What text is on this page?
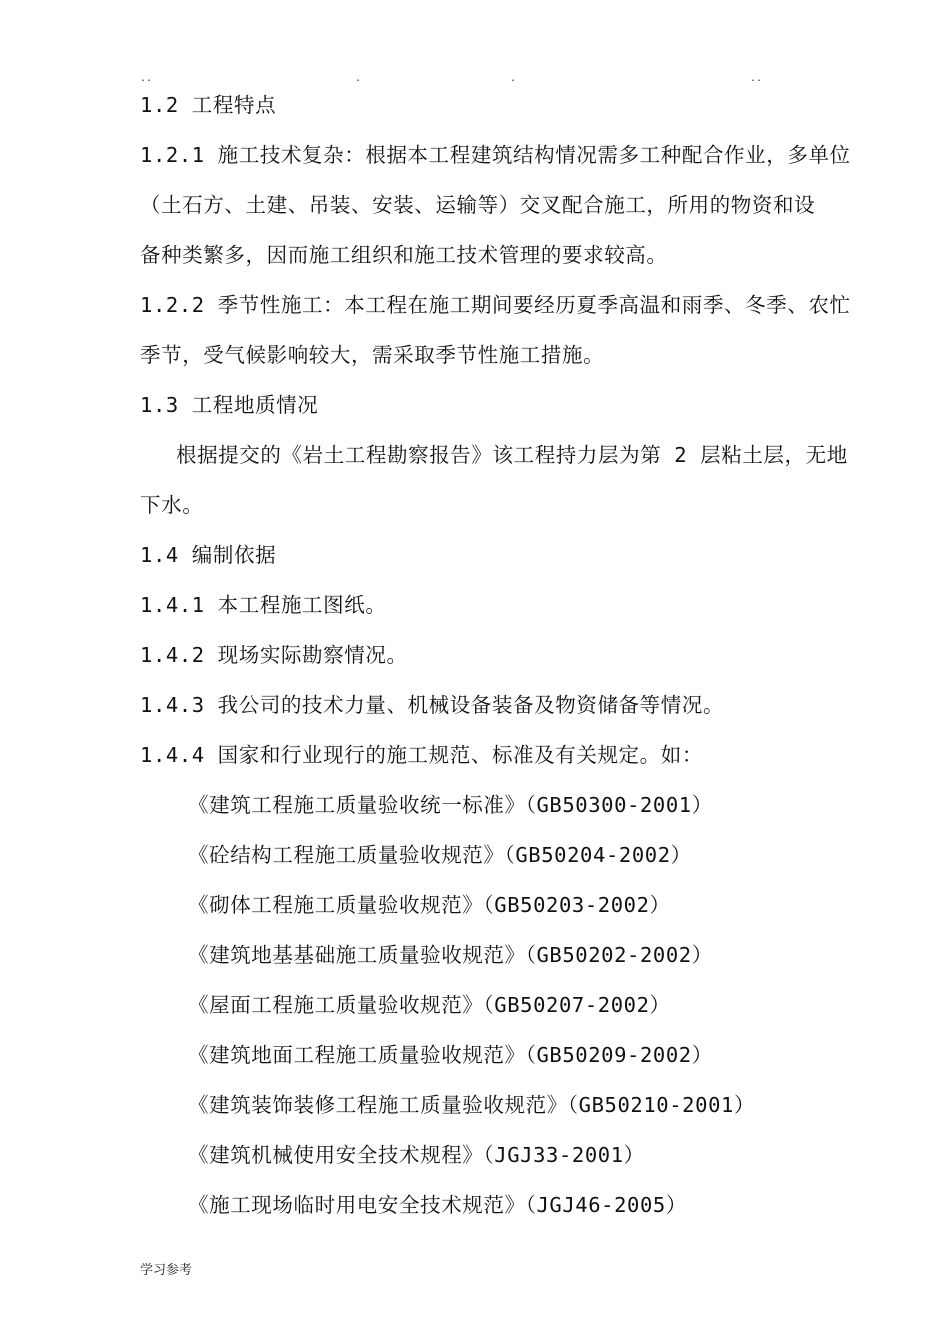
..	.	.	..
1.2 工程特点
1.2.1 施工技术复杂：根据本工程建筑结构情况需多工种配合作业，多单位
（土石方、土建、吊装、安装、运输等）交叉配合施工，所用的物资和设
备种类繁多，因而施工组织和施工技术管理的要求较高。
1.2.2 季节性施工：本工程在施工期间要经历夏季高温和雨季、冬季、农忙
季节，受气候影响较大，需采取季节性施工措施。
1.3 工程地质情况
根据提交的《岩土工程勘察报告》该工程持力层为第 2 层粘土层，无地
下水。
1.4 编制依据
1.4.1 本工程施工图纸。
1.4.2 现场实际勘察情况。
1.4.3 我公司的技术力量、机械设备装备及物资储备等情况。
1.4.4 国家和行业现行的施工规范、标准及有关规定。如：
《建筑工程施工质量验收统一标准》（GB50300-2001）
《砼结构工程施工质量验收规范》（GB50204-2002）
《砌体工程施工质量验收规范》（GB50203-2002）
《建筑地基基础施工质量验收规范》（GB50202-2002）
《屋面工程施工质量验收规范》（GB50207-2002）
《建筑地面工程施工质量验收规范》（GB50209-2002）
《建筑装饰装修工程施工质量验收规范》（GB50210-2001）
《建筑机械使用安全技术规程》（JGJ33-2001）
《施工现场临时用电安全技术规范》（JGJ46-2005）
学习参考
